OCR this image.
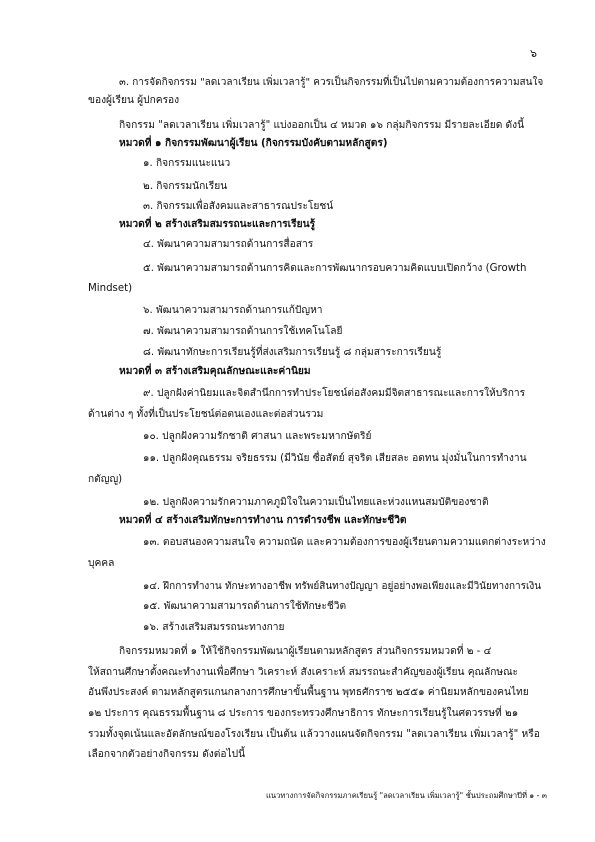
๖
๓. การจัดกิจกรรม "ลดเวลาเรียน เพิ่มเวลารู้" ควรเป็นกิจกรรมที่เป็นไปตามความต้องการความสนใจ
ของผู้เรียน ผู้ปกครอง
กิจกรรม "ลดเวลาเรียน เพิ่มเวลารู้" แบ่งออกเป็น ๔ หมวด ๑๖ กลุ่มกิจกรรม มีรายละเอียด ดังนี้
หมวดที่ ๑ กิจกรรมพัฒนาผู้เรียน (กิจกรรมบังคับตามหลักสูตร)
๑. กิจกรรมแนะแนว
๒. กิจกรรมนักเรียน
๓. กิจกรรมเพื่อสังคมและสาธารณประโยชน์
หมวดที่ ๒ สร้างเสริมสมรรถนะและการเรียนรู้
๔. พัฒนาความสามารถด้านการสื่อสาร
๕. พัฒนาความสามารถด้านการคิดและการพัฒนากรอบความคิดแบบเปิดกว้าง (Growth
Mindset)
๖. พัฒนาความสามารถด้านการแก้ปัญหา
๗. พัฒนาความสามารถด้านการใช้เทคโนโลยี
๘. พัฒนาทักษะการเรียนรู้ที่ส่งเสริมการเรียนรู้ ๘ กลุ่มสาระการเรียนรู้
หมวดที่ ๓ สร้างเสริมคุณลักษณะและค่านิยม
๙. ปลูกฝังค่านิยมและจิตสำนึกการทำประโยชน์ต่อสังคมมีจิตสาธารณะและการให้บริการ
ด้านต่าง ๆ ทั้งที่เป็นประโยชน์ต่อตนเองและต่อส่วนรวม
๑๐. ปลูกฝังความรักชาติ ศาสนา และพระมหากษัตริย์
๑๑. ปลูกฝังคุณธรรม จริยธรรม (มีวินัย ซื่อสัตย์ สุจริต เสียสละ อดทน มุ่งมั่นในการทำงาน
กตัญญู)
๑๒. ปลูกฝังความรักความภาคภูมิใจในความเป็นไทยและห่วงแหนสมบัติของชาติ
หมวดที่ ๔ สร้างเสริมทักษะการทำงาน การดำรงชีพ และทักษะชีวิต
๑๓. ตอบสนองความสนใจ ความถนัด และความต้องการของผู้เรียนตามความแตกต่างระหว่าง
บุคคล
๑๔. ฝึกการทำงาน ทักษะทางอาชีพ ทรัพย์สินทางปัญญา อยู่อย่างพอเพียงและมีวินัยทางการเงิน
๑๕. พัฒนาความสามารถด้านการใช้ทักษะชีวิต
๑๖. สร้างเสริมสมรรถนะทางกาย
กิจกรรมหมวดที่ ๑ ให้ใช้กิจกรรมพัฒนาผู้เรียนตามหลักสูตร ส่วนกิจกรรมหมวดที่ ๒ - ๔
ให้สถานศึกษาตั้งคณะทำงานเพื่อศึกษา วิเคราะห์ สังเคราะห์ สมรรถนะสำคัญของผู้เรียน คุณลักษณะ
อันพึงประสงค์ ตามหลักสูตรแกนกลางการศึกษาขั้นพื้นฐาน พุทธศักราช ๒๕๕๑ ค่านิยมหลักของคนไทย
๑๒ ประการ คุณธรรมพื้นฐาน ๘ ประการ ของกระทรวงศึกษาธิการ ทักษะการเรียนรู้ในศตวรรษที่ ๒๑
รวมทั้งจุดเน้นและอัตลักษณ์ของโรงเรียน เป็นต้น แล้ววางแผนจัดกิจกรรม "ลดเวลาเรียน เพิ่มเวลารู้" หรือ
เลือกจากตัวอย่างกิจกรรม ดังต่อไปนี้
แนวทางการจัดกิจกรรมภาคเรียนรู้ "ลดเวลาเรียน เพิ่มเวลารู้" ชั้นประถมศึกษาปีที่ ๑ - ๓
